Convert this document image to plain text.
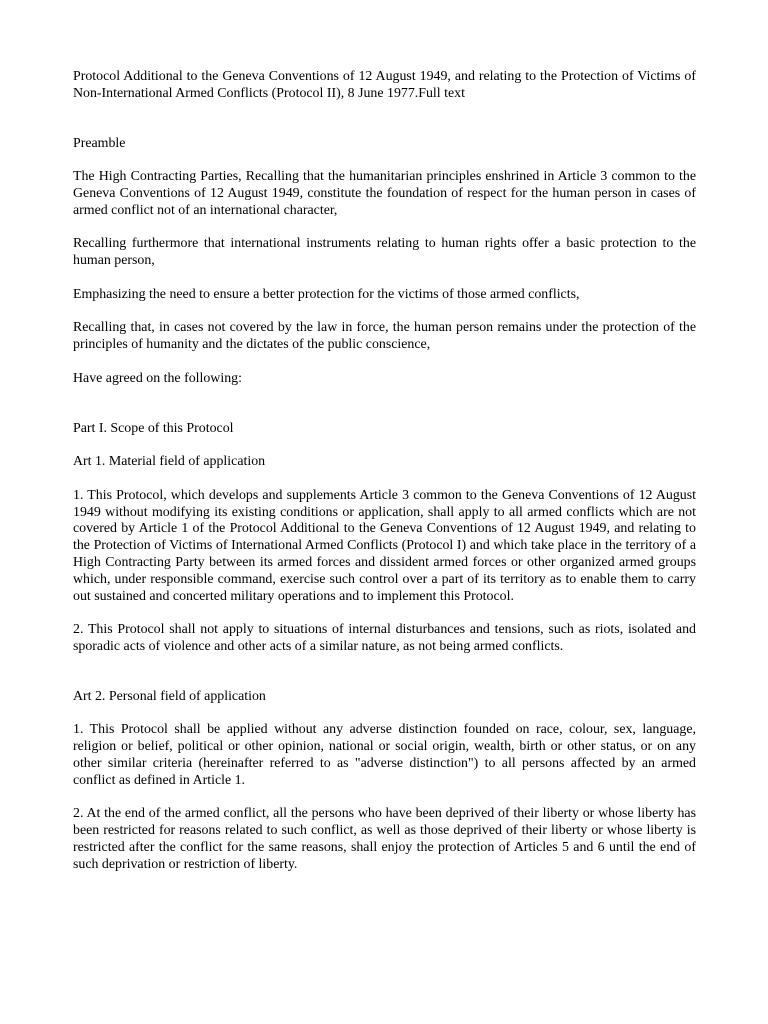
Protocol Additional to the Geneva Conventions of 12 August 1949, and relating to the Protection of Victims of Non-International Armed Conflicts (Protocol II), 8 June 1977.Full text

Preamble

The High Contracting Parties, Recalling that the humanitarian principles enshrined in Article 3 common to the Geneva Conventions of 12 August 1949, constitute the foundation of respect for the human person in cases of armed conflict not of an international character,

Recalling furthermore that international instruments relating to human rights offer a basic protection to the human person,

Emphasizing the need to ensure a better protection for the victims of those armed conflicts,

Recalling that, in cases not covered by the law in force, the human person remains under the protection of the principles of humanity and the dictates of the public conscience,

Have agreed on the following:

Part I. Scope of this Protocol

Art 1. Material field of application

1. This Protocol, which develops and supplements Article 3 common to the Geneva Conventions of 12 August 1949 without modifying its existing conditions or application, shall apply to all armed conflicts which are not covered by Article 1 of the Protocol Additional to the Geneva Conventions of 12 August 1949, and relating to the Protection of Victims of International Armed Conflicts (Protocol I) and which take place in the territory of a High Contracting Party between its armed forces and dissident armed forces or other organized armed groups which, under responsible command, exercise such control over a part of its territory as to enable them to carry out sustained and concerted military operations and to implement this Protocol.

2. This Protocol shall not apply to situations of internal disturbances and tensions, such as riots, isolated and sporadic acts of violence and other acts of a similar nature, as not being armed conflicts.

Art 2. Personal field of application

1. This Protocol shall be applied without any adverse distinction founded on race, colour, sex, language, religion or belief, political or other opinion, national or social origin, wealth, birth or other status, or on any other similar criteria (hereinafter referred to as "adverse distinction") to all persons affected by an armed conflict as defined in Article 1.

2. At the end of the armed conflict, all the persons who have been deprived of their liberty or whose liberty has been restricted for reasons related to such conflict, as well as those deprived of their liberty or whose liberty is restricted after the conflict for the same reasons, shall enjoy the protection of Articles 5 and 6 until the end of such deprivation or restriction of liberty.
